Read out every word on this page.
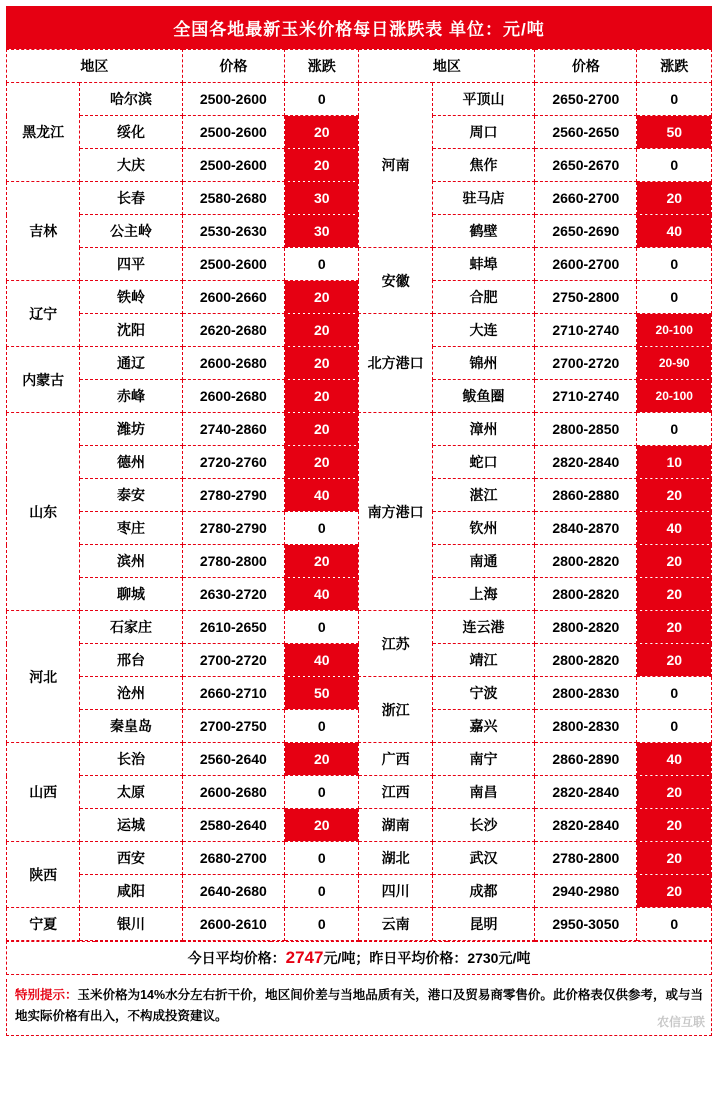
全国各地最新玉米价格每日涨跌表 单位：元/吨
地区		价格	涨跌	地区		价格	涨跌
黑龙江	哈尔滨	2500-2600	0	河南	平顶山	2650-2700	0
	绥化	2500-2600	20		周口	2560-2650	50
	大庆	2500-2600	20		焦作	2650-2670	0
吉林	长春	2580-2680	30		驻马店	2660-2700	20
	公主岭	2530-2630	30		鹤壁	2650-2690	40
	四平	2500-2600	0	安徽	蚌埠	2600-2700	0
辽宁	铁岭	2600-2660	20		合肥	2750-2800	0
	沈阳	2620-2680	20	北方港口	大连	2710-2740	20-100
内蒙古	通辽	2600-2680	20		锦州	2700-2720	20-90
	赤峰	2600-2680	20		鲅鱼圈	2710-2740	20-100
山东	潍坊	2740-2860	20	南方港口	漳州	2800-2850	0
	德州	2720-2760	20		蛇口	2820-2840	10
	泰安	2780-2790	40		湛江	2860-2880	20
	枣庄	2780-2790	0		钦州	2840-2870	40
	滨州	2780-2800	20		南通	2800-2820	20
	聊城	2630-2720	40		上海	2800-2820	20
河北	石家庄	2610-2650	0	江苏	连云港	2800-2820	20
	邢台	2700-2720	40		靖江	2800-2820	20
	沧州	2660-2710	50	浙江	宁波	2800-2830	0
	秦皇岛	2700-2750	0		嘉兴	2800-2830	0
山西	长治	2560-2640	20	广西	南宁	2860-2890	40
	太原	2600-2680	0	江西	南昌	2820-2840	20
	运城	2580-2640	20	湖南	长沙	2820-2840	20
陕西	西安	2680-2700	0	湖北	武汉	2780-2800	20
	咸阳	2640-2680	0	四川	成都	2940-2980	20
宁夏	银川	2600-2610	0	云南	昆明	2950-3050	0
今日平均价格：2747元/吨；昨日平均价格：2730元/吨
特别提示：玉米价格为14%水分左右折干价，地区间价差与当地品质有关，港口及贸易商零售价。此价格表仅供参考，或与当地实际价格有出入，不构成投资建议。	农信互联
